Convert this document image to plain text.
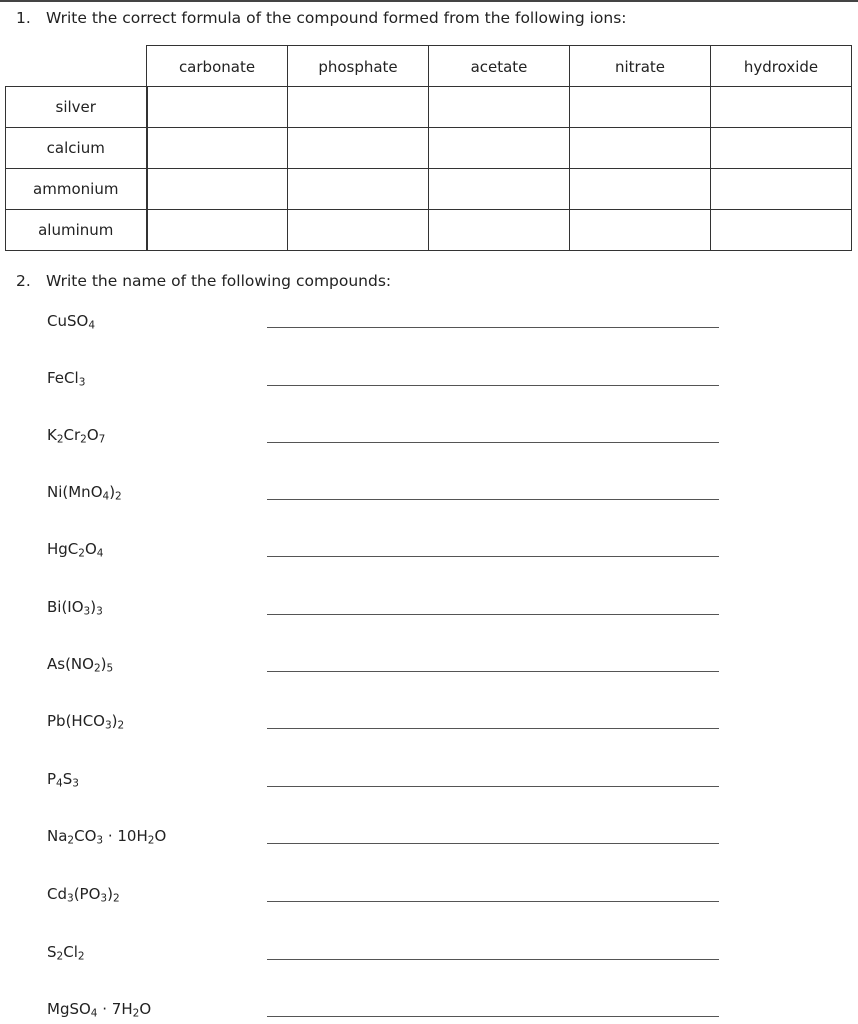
1. Write the correct formula of the compound formed from the following ions:
	carbonate	phosphate	acetate	nitrate	hydroxide
silver					
calcium					
ammonium					
aluminum					
2. Write the name of the following compounds:
CuSO$_4$
FeCl$_3$
$K_2Cr_2O_7$
$Ni(MnO_4)_2$
$HgC_2O_4$
$Bi(IO_3)_3$
$As(NO_2)_5$
$Pb(HCO_3)_2$
$P_4S_3$
$Na_2CO_3 \cdot 10H_2O$
$Cd_3(PO_3)_2$
$S_2Cl_2$
MgSO$_4$ · $7H_2O$
